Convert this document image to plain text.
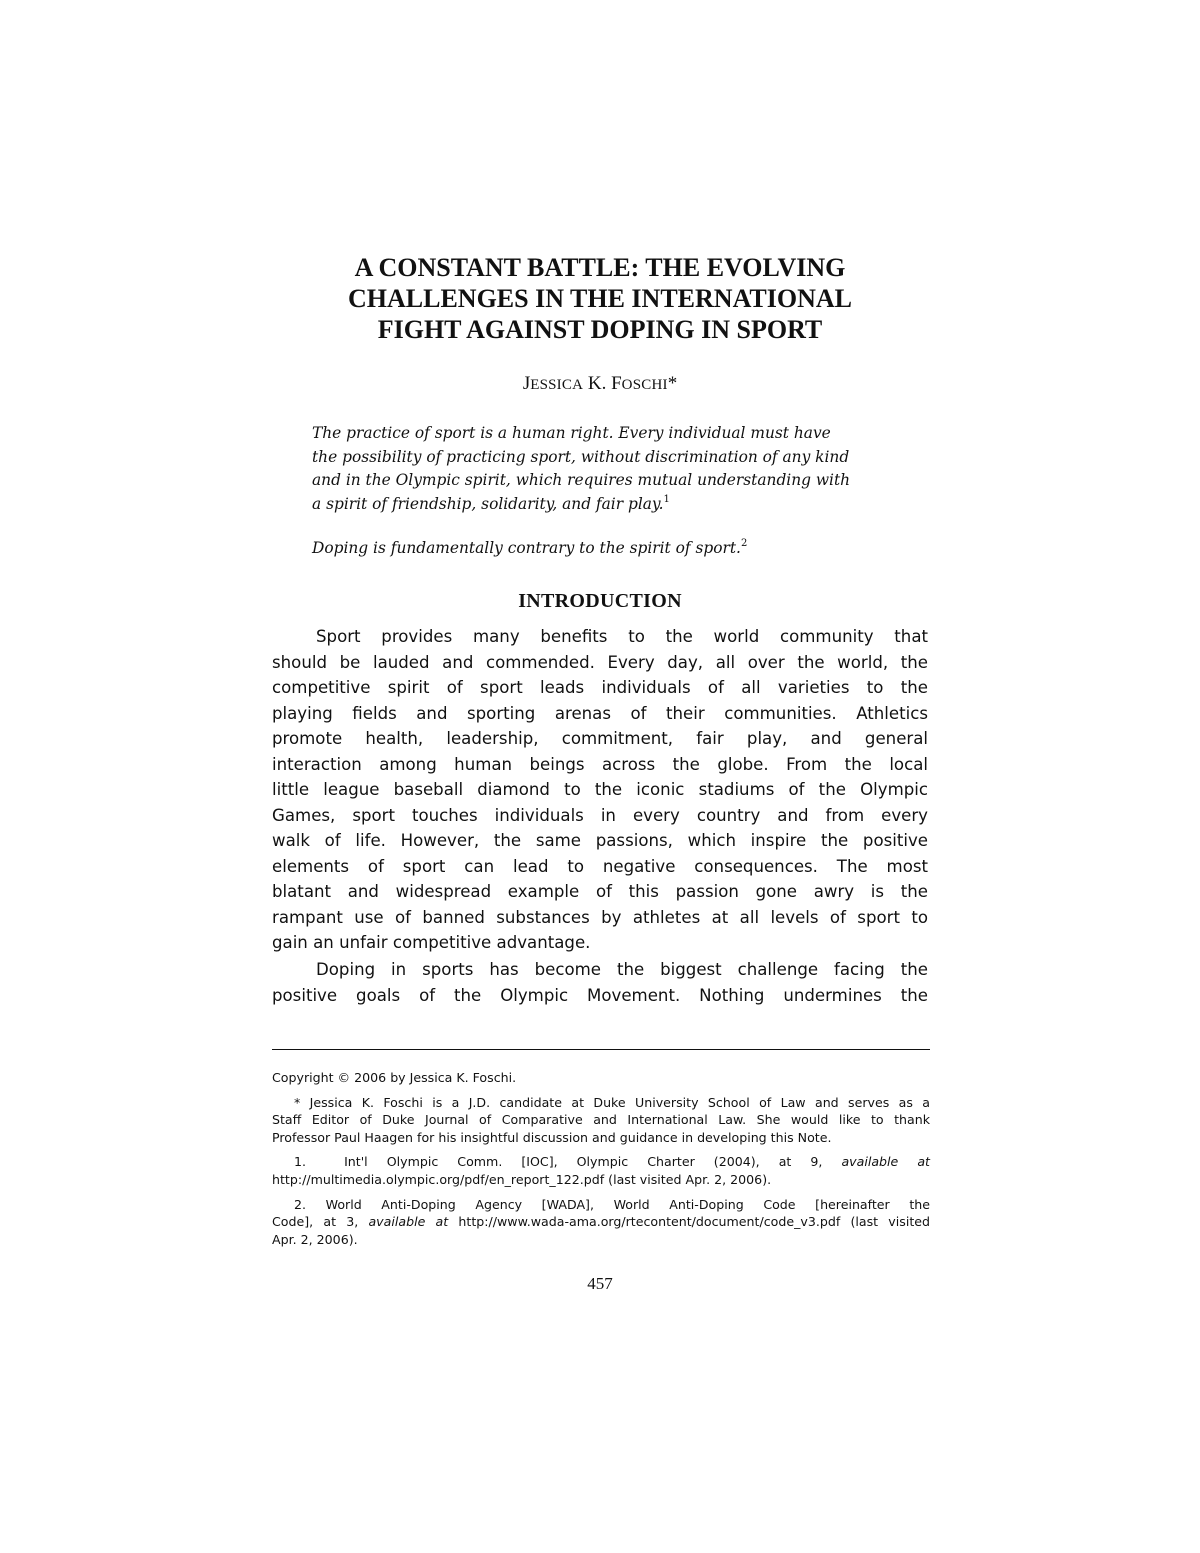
A CONSTANT BATTLE: THE EVOLVING
CHALLENGES IN THE INTERNATIONAL
FIGHT AGAINST DOPING IN SPORT
JESSICA K. FOSCHI*
The practice of sport is a human right. Every individual must have
the possibility of practicing sport, without discrimination of any kind
and in the Olympic spirit, which requires mutual understanding with
a spirit of friendship, solidarity, and fair play.$^1$
Doping is fundamentally contrary to the spirit of sport.$^2$
INTRODUCTION

Sport provides many benefits to the world community that
should be lauded and commended. Every day, all over the world, the
competitive spirit of sport leads individuals of all varieties to the
playing fields and sporting arenas of their communities. Athletics
promote health, leadership, commitment, fair play, and general
interaction among human beings across the globe. From the local
little league baseball diamond to the iconic stadiums of the Olympic
Games, sport touches individuals in every country and from every
walk of life. However, the same passions, which inspire the positive
elements of sport can lead to negative consequences. The most
blatant and widespread example of this passion gone awry is the
rampant use of banned substances by athletes at all levels of sport to
gain an unfair competitive advantage.

Doping in sports has become the biggest challenge facing the
positive goals of the Olympic Movement. Nothing undermines the

Copyright © 2006 by Jessica K. Foschi.
* Jessica K. Foschi is a J.D. candidate at Duke University School of Law and serves as a
Staff Editor of Duke Journal of Comparative and International Law. She would like to thank
Professor Paul Haagen for his insightful discussion and guidance in developing this Note.
1.  Int'l Olympic Comm. [IOC], Olympic Charter (2004), at 9, available at
http://multimedia.olympic.org/pdf/en_report_122.pdf (last visited Apr. 2, 2006).
2. World Anti-Doping Agency [WADA], World Anti-Doping Code [hereinafter the
Code], at 3, available at http://www.wada-ama.org/rtecontent/document/code_v3.pdf (last visited
Apr. 2, 2006).
457
